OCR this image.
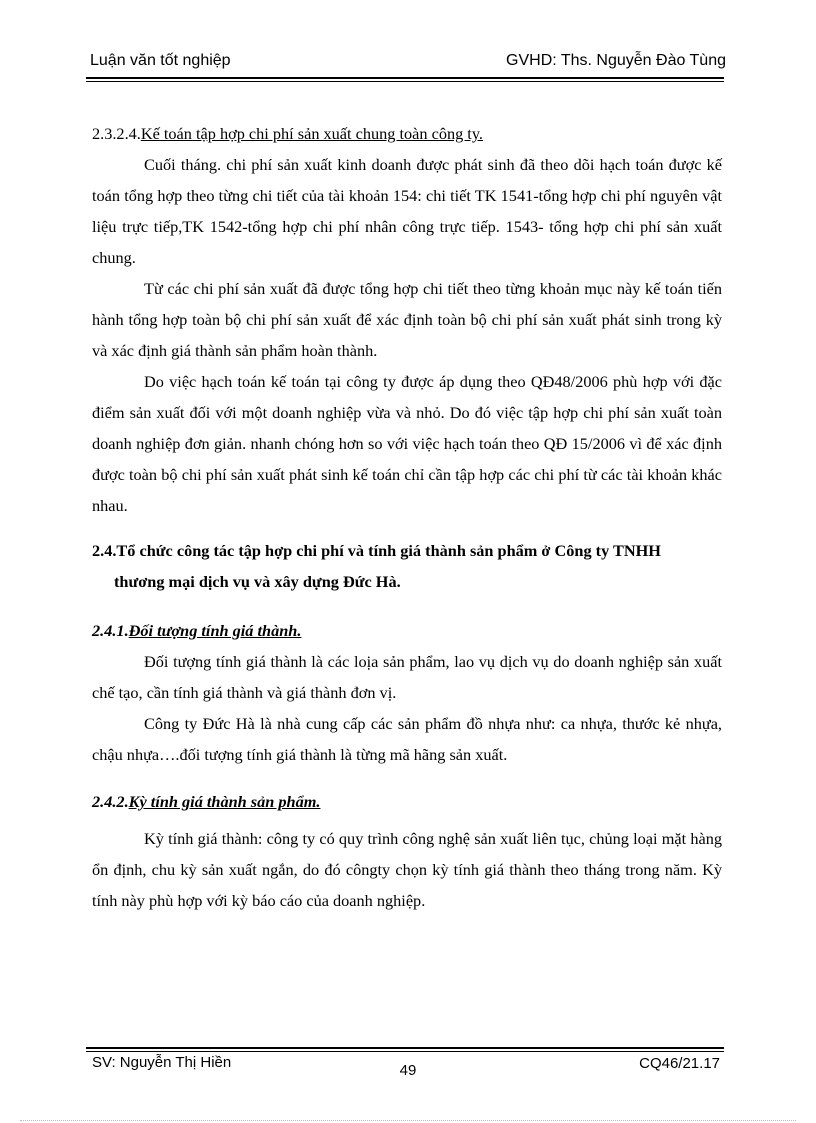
Luận văn tốt nghiệp	GVHD: Ths. Nguyễn Đào Tùng

2.3.2.4.Kế toán tập hợp chi phí sản xuất chung toàn công ty.

Cuối tháng. chi phí sản xuất kinh doanh được phát sinh đã theo dõi hạch toán được kế toán tổng hợp theo từng chi tiết của tài khoản 154: chi tiết TK 1541-tổng hợp chi phí nguyên vật liệu trực tiếp,TK 1542-tổng hợp chi phí nhân công trực tiếp. 1543- tổng hợp chi phí sản xuất chung.

Từ các chi phí sản xuất đã được tổng hợp chi tiết theo từng khoản mục này kế toán tiến hành tổng hợp toàn bộ chi phí sản xuất để xác định toàn bộ chi phí sản xuất phát sinh trong kỳ và xác định giá thành sản phẩm hoàn thành.

Do việc hạch toán kế toán tại công ty được áp dụng theo QĐ48/2006 phù hợp với đặc điểm sản xuất đối với một doanh nghiệp vừa và nhỏ. Do đó việc tập hợp chi phí sản xuất toàn doanh nghiệp đơn giản. nhanh chóng hơn so với việc hạch toán theo QĐ 15/2006 vì để xác định được toàn bộ chi phí sản xuất phát sinh kế toán chỉ cần tập hợp các chi phí từ các tài khoản khác nhau.

2.4.Tổ chức công tác tập hợp chi phí và tính giá thành sản phẩm ở Công ty TNHH
thương mại dịch vụ và xây dựng Đức Hà.

2.4.1.Đối tượng tính giá thành.

Đối tượng tính giá thành là các loịa sản phẩm, lao vụ dịch vụ do doanh nghiệp sản xuất chế tạo, cần tính giá thành và giá thành đơn vị.

Công ty Đức Hà là nhà cung cấp các sản phẩm đồ nhựa như: ca nhựa, thước kẻ nhựa, chậu nhựa….đối tượng tính giá thành là từng mã hãng sản xuất.

2.4.2.Kỳ tính giá thành sản phẩm.

Kỳ tính giá thành: công ty có quy trình công nghệ sản xuất liên tục, chủng loại mặt hàng ổn định, chu kỳ sản xuất ngắn, do đó côngty chọn kỳ tính giá thành theo tháng trong năm. Kỳ tính này phù hợp với kỳ báo cáo của doanh nghiệp.

SV: Nguyễn Thị Hiền	49	CQ46/21.17
